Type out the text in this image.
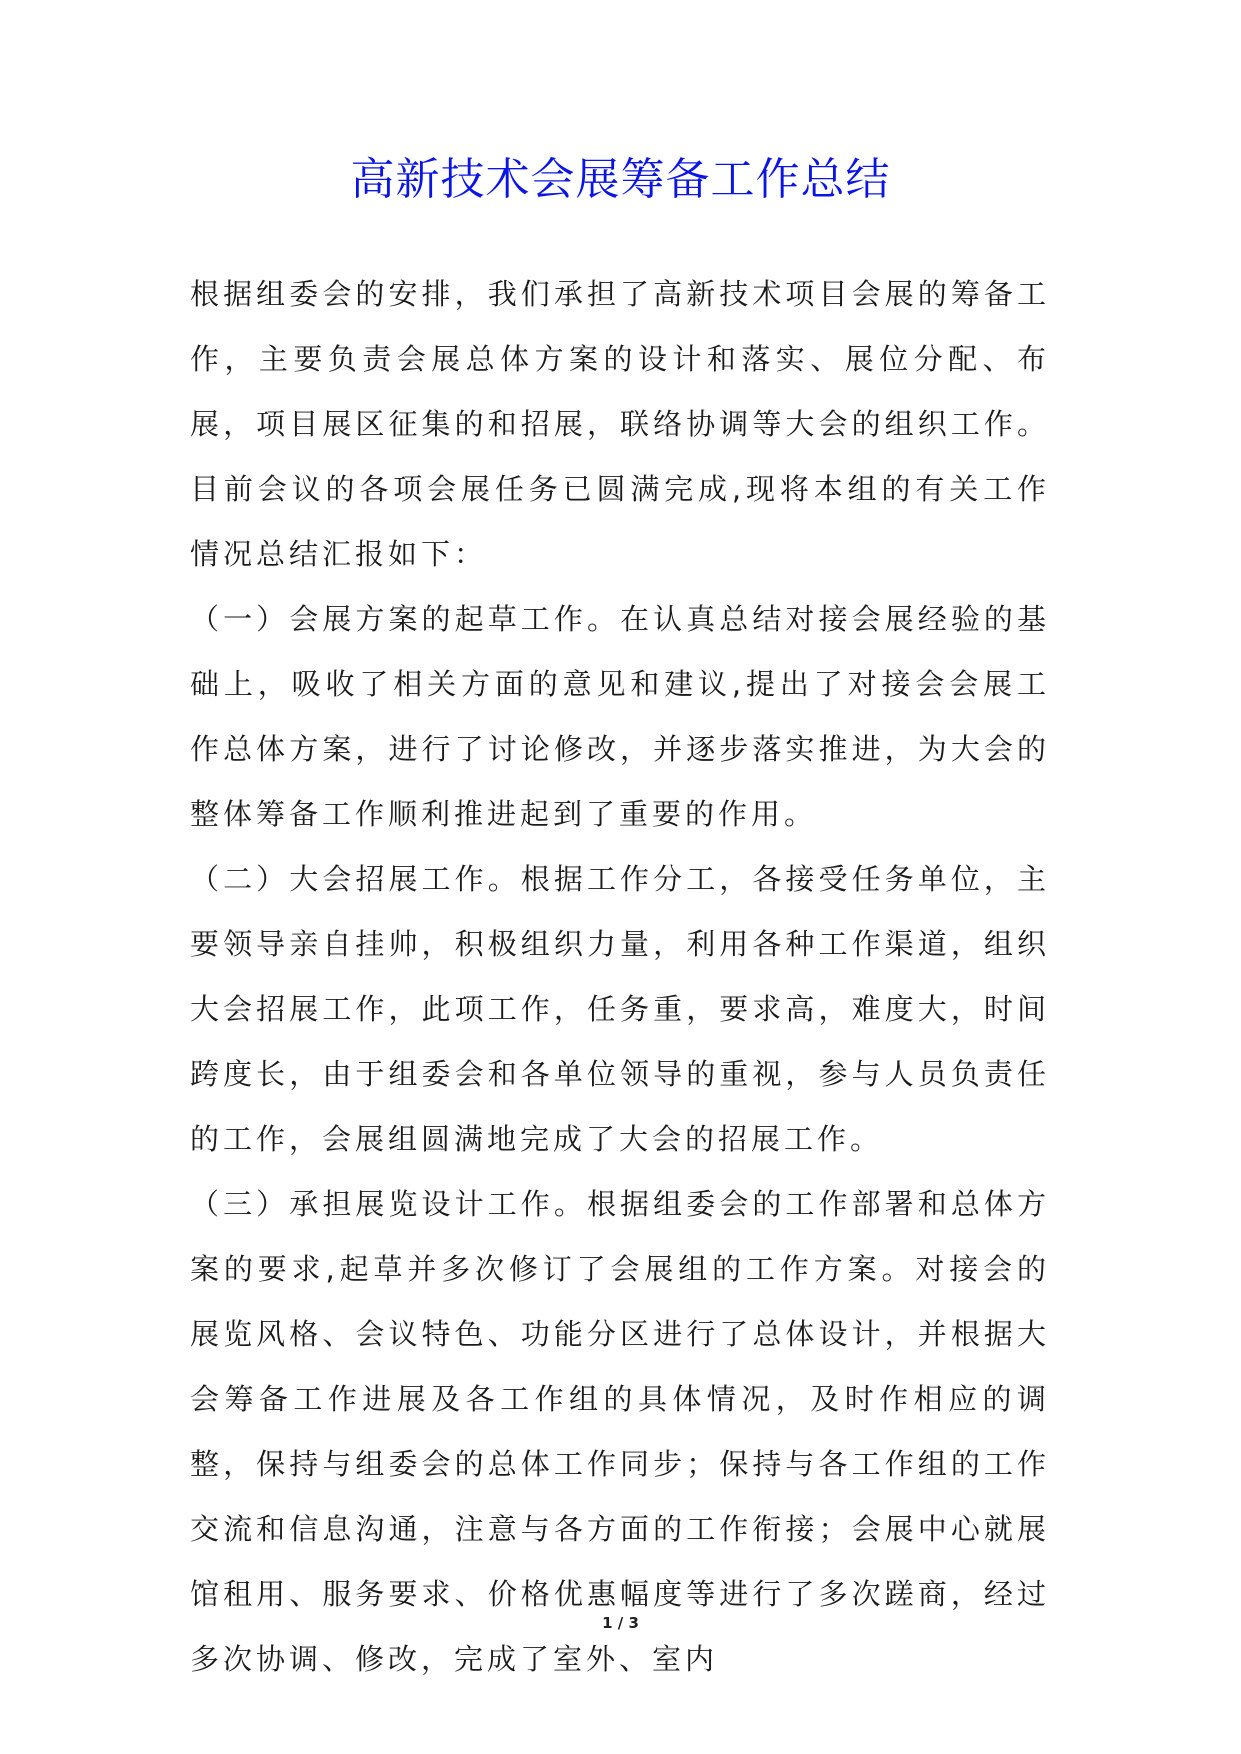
高新技术会展筹备工作总结

根据组委会的安排，我们承担了高新技术项目会展的筹备工作，主要负责会展总体方案的设计和落实、展位分配、布展，项目展区征集的和招展，联络协调等大会的组织工作。目前会议的各项会展任务已圆满完成,现将本组的有关工作情况总结汇报如下：

（一）会展方案的起草工作。在认真总结对接会展经验的基础上，吸收了相关方面的意见和建议,提出了对接会会展工作总体方案，进行了讨论修改，并逐步落实推进，为大会的整体筹备工作顺利推进起到了重要的作用。

（二）大会招展工作。根据工作分工，各接受任务单位，主要领导亲自挂帅，积极组织力量，利用各种工作渠道，组织大会招展工作，此项工作，任务重，要求高，难度大，时间跨度长，由于组委会和各单位领导的重视，参与人员负责任的工作，会展组圆满地完成了大会的招展工作。

（三）承担展览设计工作。根据组委会的工作部署和总体方案的要求,起草并多次修订了会展组的工作方案。对接会的展览风格、会议特色、功能分区进行了总体设计，并根据大会筹备工作进展及各工作组的具体情况，及时作相应的调整，保持与组委会的总体工作同步；保持与各工作组的工作交流和信息沟通，注意与各方面的工作衔接；会展中心就展馆租用、服务要求、价格优惠幅度等进行了多次蹉商，经过多次协调、修改，完成了室外、室内

1 / 3
